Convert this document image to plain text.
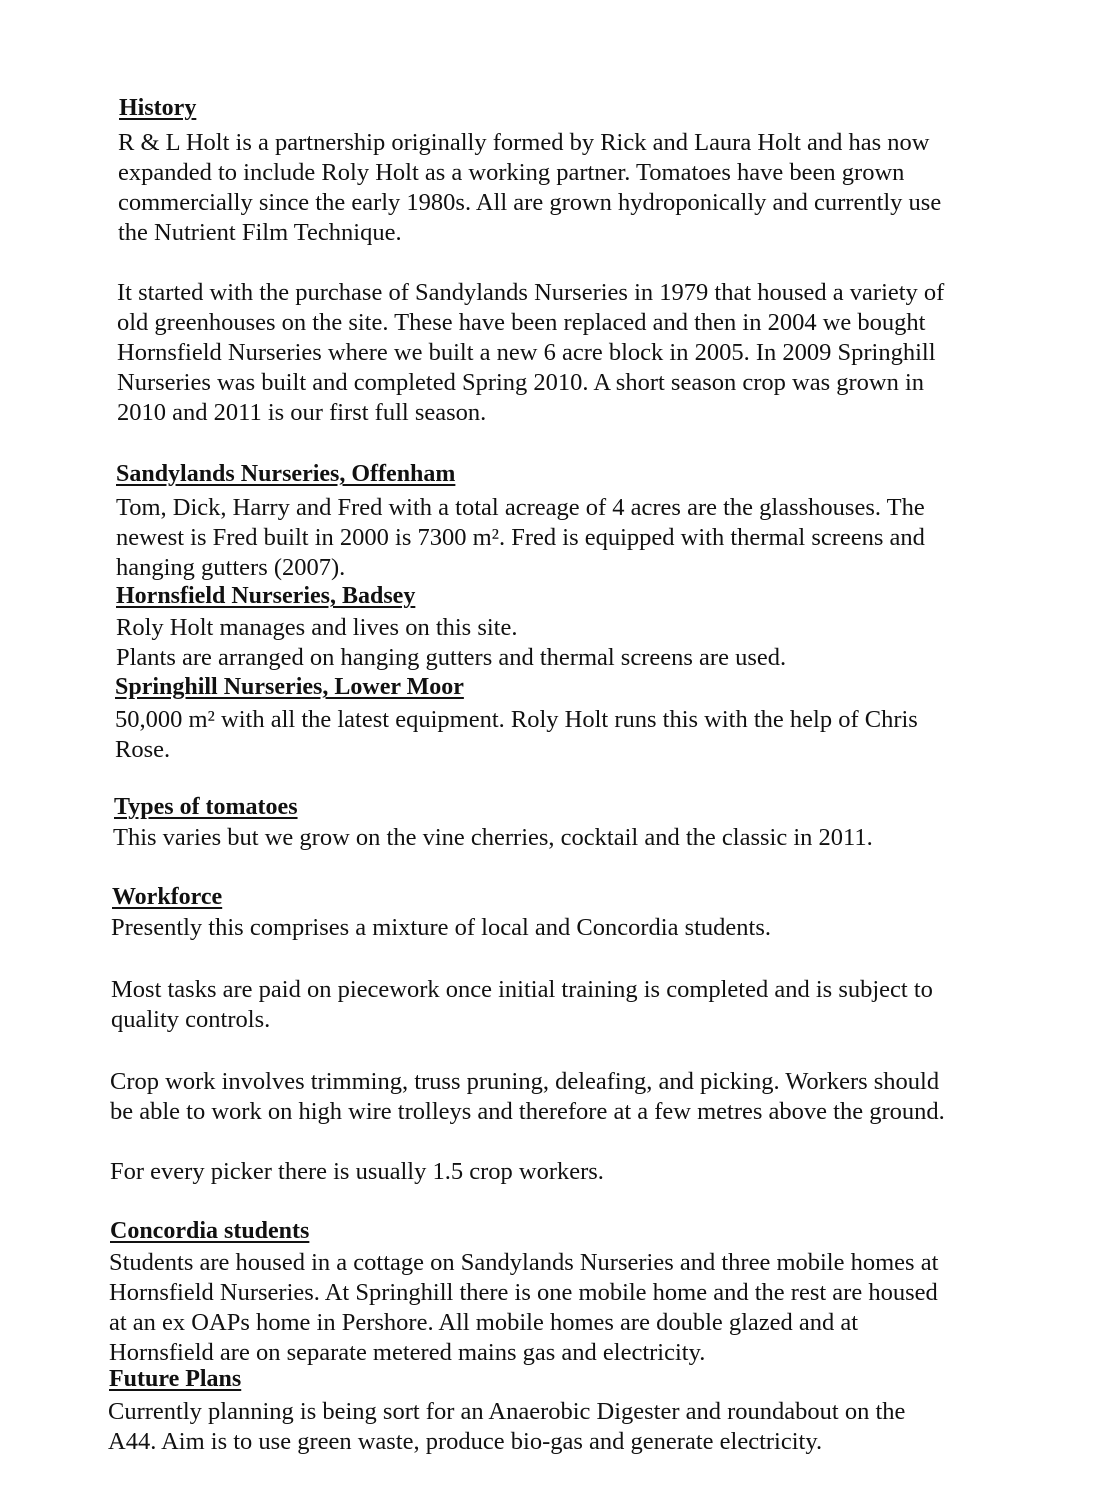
History
R & L Holt is a partnership originally formed by Rick and Laura Holt and has now
expanded to include Roly Holt as a working partner. Tomatoes have been grown
commercially since the early 1980s. All are grown hydroponically and currently use
the Nutrient Film Technique.
It started with the purchase of Sandylands Nurseries in 1979 that housed a variety of
old greenhouses on the site. These have been replaced and then in 2004 we bought
Hornsfield Nurseries where we built a new 6 acre block in 2005. In 2009 Springhill
Nurseries was built and completed Spring 2010. A short season crop was grown in
2010 and 2011 is our first full season.
Sandylands Nurseries, Offenham
Tom, Dick, Harry and Fred with a total acreage of 4 acres are the glasshouses. The
newest is Fred built in 2000 is 7300 m². Fred is equipped with thermal screens and
hanging gutters (2007).
Hornsfield Nurseries, Badsey
Roly Holt manages and lives on this site.
Plants are arranged on hanging gutters and thermal screens are used.
Springhill Nurseries, Lower Moor
50,000 m² with all the latest equipment. Roly Holt runs this with the help of Chris
Rose.
Types of tomatoes
This varies but we grow on the vine cherries, cocktail and the classic in 2011.
Workforce
Presently this comprises a mixture of local and Concordia students.
Most tasks are paid on piecework once initial training is completed and is subject to
quality controls.
Crop work involves trimming, truss pruning, deleafing, and picking. Workers should
be able to work on high wire trolleys and therefore at a few metres above the ground.
For every picker there is usually 1.5 crop workers.
Concordia students
Students are housed in a cottage on Sandylands Nurseries and three mobile homes at
Hornsfield Nurseries. At Springhill there is one mobile home and the rest are housed
at an ex OAPs home in Pershore. All mobile homes are double glazed and at
Hornsfield are on separate metered mains gas and electricity.
Future Plans
Currently planning is being sort for an Anaerobic Digester and roundabout on the
A44. Aim is to use green waste, produce bio-gas and generate electricity.
